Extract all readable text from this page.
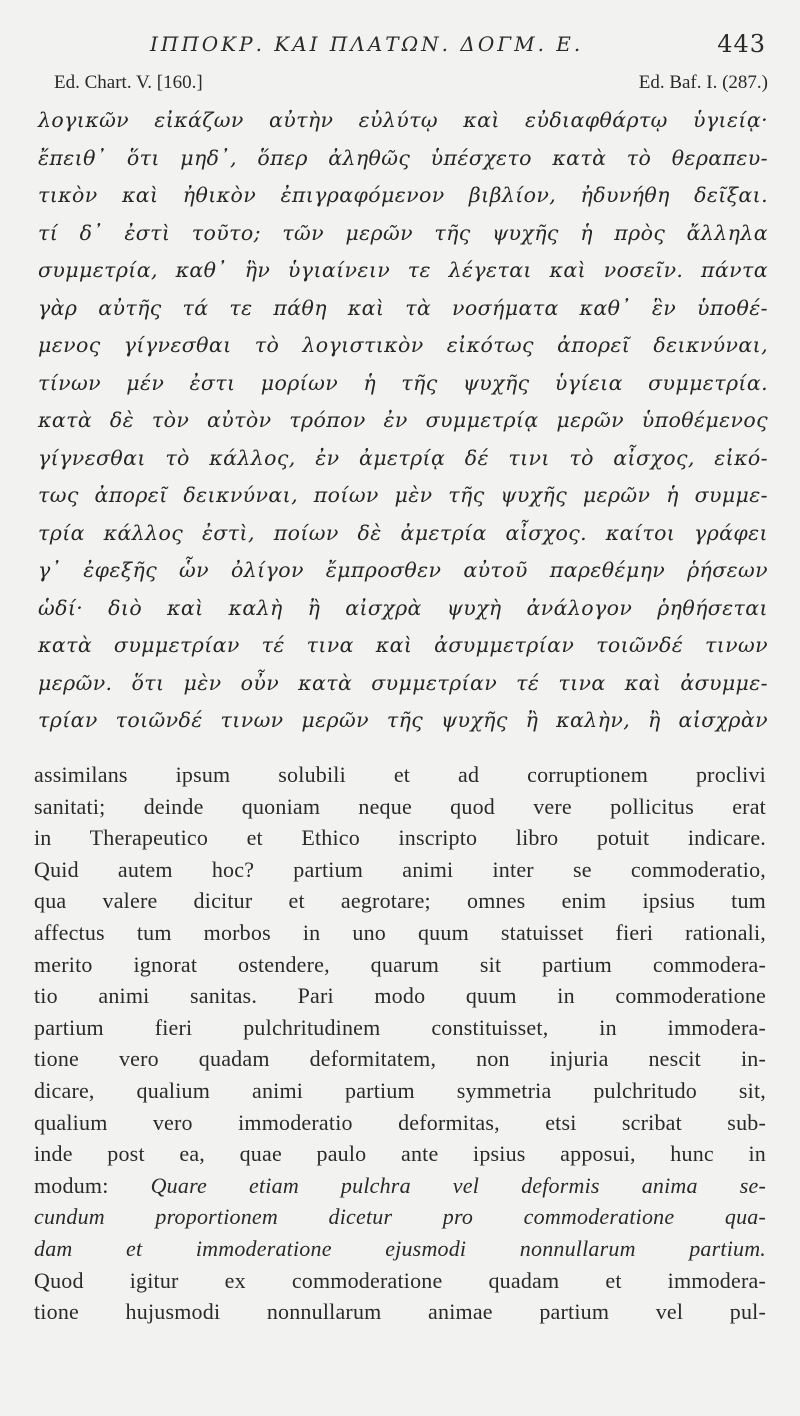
ΙΠΠΟΚΡ. ΚΑΙ ΠΛΑΤΩΝ. ΔΟΓΜ. Ε.	443
Ed. Chart. V. [160.]	Ed. Baf. I. (287.)
λογικῶν εἰκάζων αὐτὴν εὐλύτῳ καὶ εὐδιαφθάρτῳ ὑγιείᾳ·
ἔπειθ᾽ ὅτι μηδ᾽, ὅπερ ἀληθῶς ὑπέσχετο κατὰ τὸ θεραπευ-
τικὸν καὶ ἠθικὸν ἐπιγραφόμενον βιβλίον, ἠδυνήθη δεῖξαι.
τί δ᾽ ἐστὶ τοῦτο; τῶν μερῶν τῆς ψυχῆς ἡ πρὸς ἄλληλα
συμμετρία, καθ᾽ ἣν ὑγιαίνειν τε λέγεται καὶ νοσεῖν. πάντα
γὰρ αὐτῆς τά τε πάθη καὶ τὰ νοσήματα καθ᾽ ἓν ὑποθέ-
μενος γίγνεσθαι τὸ λογιστικὸν εἰκότως ἀπορεῖ δεικνύναι,
τίνων μέν ἐστι μορίων ἡ τῆς ψυχῆς ὑγίεια συμμετρία.
κατὰ δὲ τὸν αὐτὸν τρόπον ἐν συμμετρίᾳ μερῶν ὑποθέμενος
γίγνεσθαι τὸ κάλλος, ἐν ἀμετρίᾳ δέ τινι τὸ αἶσχος, εἰκό-
τως ἀπορεῖ δεικνύναι, ποίων μὲν τῆς ψυχῆς μερῶν ἡ συμμε-
τρία κάλλος ἐστὶ, ποίων δὲ ἀμετρία αἶσχος. καίτοι γράφει
γ᾽ ἐφεξῆς ὧν ὀλίγον ἔμπροσθεν αὐτοῦ παρεθέμην ῥήσεων
ὡδί· διὸ καὶ καλὴ ἢ αἰσχρὰ ψυχὴ ἀνάλογον ῥηθήσεται
κατὰ συμμετρίαν τέ τινα καὶ ἀσυμμετρίαν τοιῶνδέ τινων
μερῶν. ὅτι μὲν οὖν κατὰ συμμετρίαν τέ τινα καὶ ἀσυμμε-
τρίαν τοιῶνδέ τινων μερῶν τῆς ψυχῆς ἢ καλὴν, ἢ αἰσχρὰν
assimilans ipsum solubili et ad corruptionem proclivi
sanitati; deinde quoniam neque quod vere pollicitus erat
in Therapeutico et Ethico inscripto libro potuit indicare.
Quid autem hoc? partium animi inter se commoderatio,
qua valere dicitur et aegrotare; omnes enim ipsius tum
affectus tum morbos in uno quum statuisset fieri rationali,
merito ignorat ostendere, quarum sit partium commodera-
tio animi sanitas. Pari modo quum in commoderatione
partium fieri pulchritudinem constituisset, in immodera-
tione vero quadam deformitatem, non injuria nescit in-
dicare, qualium animi partium symmetria pulchritudo sit,
qualium vero immoderatio deformitas, etsi scribat sub-
inde post ea, quae paulo ante ipsius apposui, hunc in
modum: Quare etiam pulchra vel deformis anima se-
cundum proportionem dicetur pro commoderatione qua-
dam et immoderatione ejusmodi nonnullarum partium.
Quod igitur ex commoderatione quadam et immodera-
tione hujusmodi nonnullarum animae partium vel pul-
